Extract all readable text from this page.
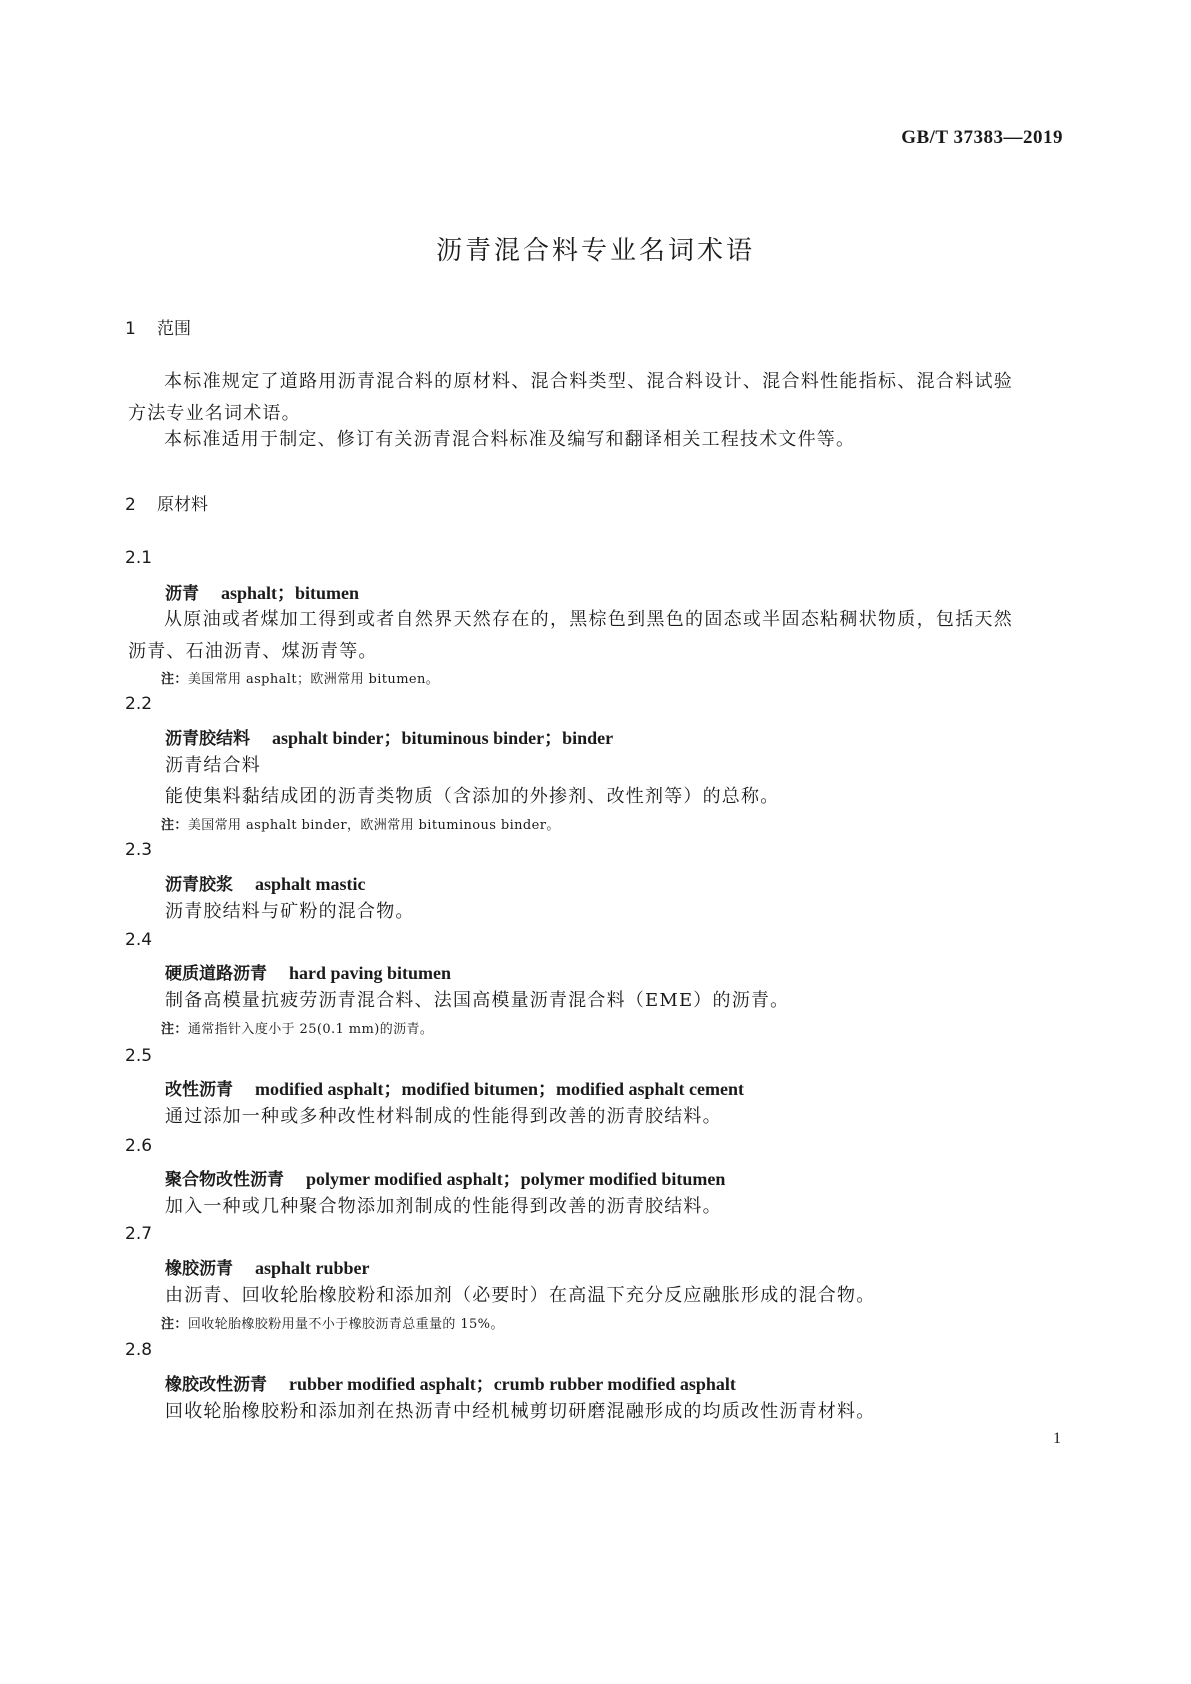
GB/T 37383—2019
沥青混合料专业名词术语
1 范围
本标准规定了道路用沥青混合料的原材料、混合料类型、混合料设计、混合料性能指标、混合料试验方法专业名词术语。
本标准适用于制定、修订有关沥青混合料标准及编写和翻译相关工程技术文件等。
2 原材料
2.1
沥青 asphalt；bitumen
从原油或者煤加工得到或者自然界天然存在的，黑棕色到黑色的固态或半固态粘稠状物质，包括天然沥青、石油沥青、煤沥青等。
注：美国常用 asphalt；欧洲常用 bitumen。
2.2
沥青胶结料 asphalt binder；bituminous binder；binder
沥青结合料
能使集料黏结成团的沥青类物质（含添加的外掺剂、改性剂等）的总称。
注：美国常用 asphalt binder，欧洲常用 bituminous binder。
2.3
沥青胶浆 asphalt mastic
沥青胶结料与矿粉的混合物。
2.4
硬质道路沥青 hard paving bitumen
制备高模量抗疲劳沥青混合料、法国高模量沥青混合料（EME）的沥青。
注：通常指针入度小于 25(0.1 mm)的沥青。
2.5
改性沥青 modified asphalt；modified bitumen；modified asphalt cement
通过添加一种或多种改性材料制成的性能得到改善的沥青胶结料。
2.6
聚合物改性沥青 polymer modified asphalt；polymer modified bitumen
加入一种或几种聚合物添加剂制成的性能得到改善的沥青胶结料。
2.7
橡胶沥青 asphalt rubber
由沥青、回收轮胎橡胶粉和添加剂（必要时）在高温下充分反应融胀形成的混合物。
注：回收轮胎橡胶粉用量不小于橡胶沥青总重量的 15%。
2.8
橡胶改性沥青 rubber modified asphalt；crumb rubber modified asphalt
回收轮胎橡胶粉和添加剂在热沥青中经机械剪切研磨混融形成的均质改性沥青材料。
1
